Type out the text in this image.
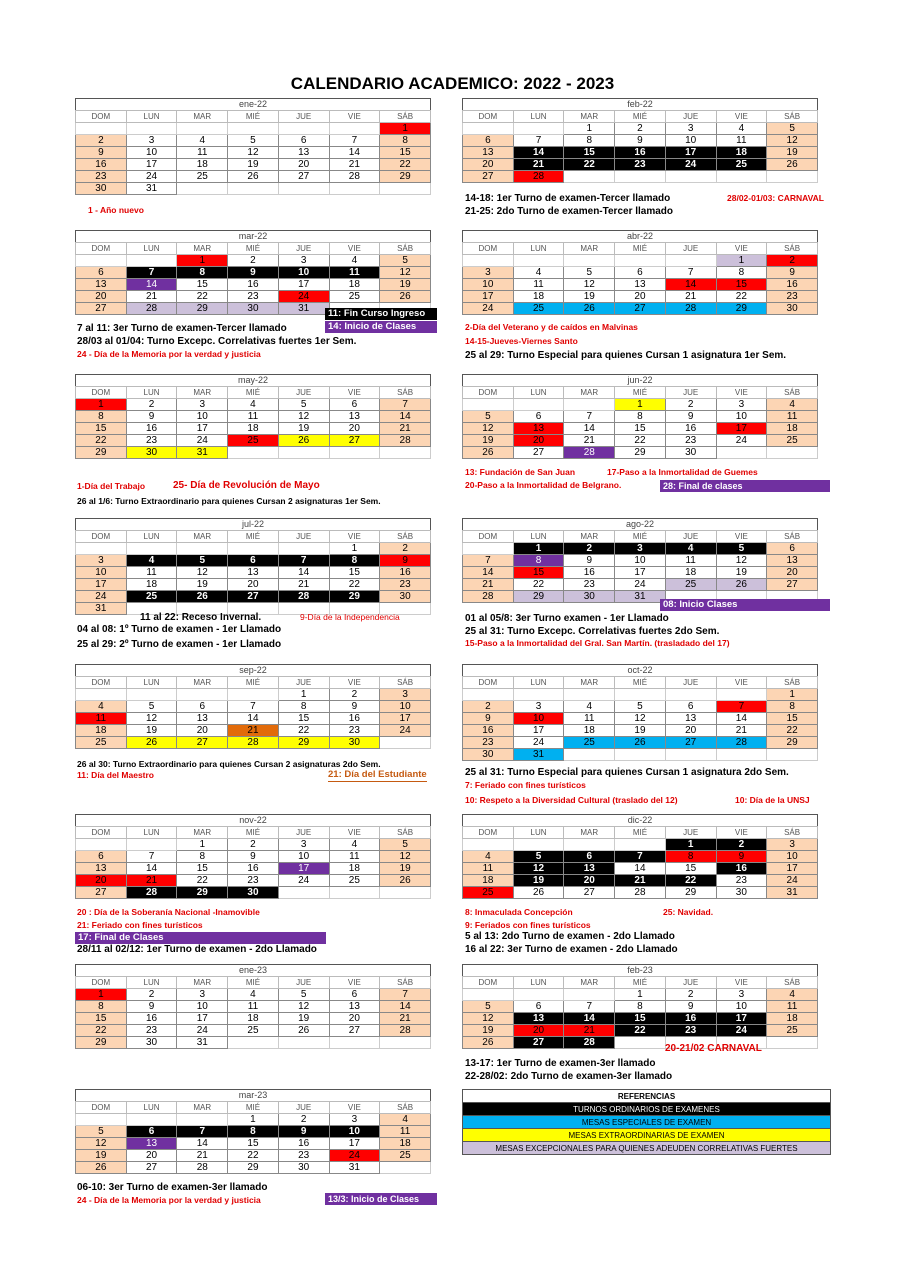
CALENDARIO ACADEMICO: 2022 - 2023
ene-22
DOM	LUN	MAR	MIÉ	JUE	VIE	SÁB
						1
2	3	4	5	6	7	8
9	10	11	12	13	14	15
16	17	18	19	20	21	22
23	24	25	26	27	28	29
30	31					
feb-22
DOM	LUN	MAR	MIÉ	JUE	VIE	SÁB
		1	2	3	4	5
6	7	8	9	10	11	12
13	14	15	16	17	18	19
20	21	22	23	24	25	26
27	28					
1 - Año nuevo
14-18: 1er Turno de examen-Tercer llamado	28/02-01/03: CARNAVAL
21-25: 2do Turno de examen-Tercer llamado
mar-22
DOM	LUN	MAR	MIÉ	JUE	VIE	SÁB
		1	2	3	4	5
6	7	8	9	10	11	12
13	14	15	16	17	18	19
20	21	22	23	24	25	26
27	28	29	30	31		
abr-22
DOM	LUN	MAR	MIÉ	JUE	VIE	SÁB
					1	2
3	4	5	6	7	8	9
10	11	12	13	14	15	16
17	18	19	20	21	22	23
24	25	26	27	28	29	30
11: Fin Curso Ingreso
14: Inicio de Clases
7 al 11: 3er Turno de examen-Tercer llamado
28/03 al 01/04: Turno Excepc. Correlativas fuertes 1er Sem.
24 - Día de la Memoria por la verdad y justicia
2-Día del Veterano y de caídos en Malvinas
14-15-Jueves-Viernes Santo
25 al 29: Turno Especial para quienes Cursan 1 asignatura 1er Sem.
may-22
DOM	LUN	MAR	MIÉ	JUE	VIE	SÁB
1	2	3	4	5	6	7
8	9	10	11	12	13	14
15	16	17	18	19	20	21
22	23	24	25	26	27	28
29	30	31				
jun-22
DOM	LUN	MAR	MIÉ	JUE	VIE	SÁB
			1	2	3	4
5	6	7	8	9	10	11
12	13	14	15	16	17	18
19	20	21	22	23	24	25
26	27	28	29	30		
1-Día del Trabajo	25- Día de Revolución de Mayo
26 al 1/6: Turno Extraordinario para quienes Cursan 2 asignaturas 1er Sem.
13: Fundación de San Juan	17-Paso a la Inmortalidad de Guemes
20-Paso a la Inmortalidad de Belgrano.	28: Final de clases
jul-22
DOM	LUN	MAR	MIÉ	JUE	VIE	SÁB
					1	2
3	4	5	6	7	8	9
10	11	12	13	14	15	16
17	18	19	20	21	22	23
24	25	26	27	28	29	30
31						
ago-22
DOM	LUN	MAR	MIÉ	JUE	VIE	SÁB
	1	2	3	4	5	6
7	8	9	10	11	12	13
14	15	16	17	18	19	20
21	22	23	24	25	26	27
28	29	30	31			
11 al 22: Receso Invernal.	9-Día de la Independencia
04 al 08: 1º Turno de examen - 1er Llamado
25 al 29: 2º Turno de examen - 1er Llamado
08: Inicio Clases
01 al 05/8: 3er Turno examen - 1er Llamado
25 al 31: Turno Excepc. Correlativas fuertes 2do Sem.
15-Paso a la Inmortalidad del Gral. San Martín. (trasladado del 17)
sep-22
DOM	LUN	MAR	MIÉ	JUE	VIE	SÁB
				1	2	3
4	5	6	7	8	9	10
11	12	13	14	15	16	17
18	19	20	21	22	23	24
25	26	27	28	29	30	
oct-22
DOM	LUN	MAR	MIÉ	JUE	VIE	SÁB
						1
2	3	4	5	6	7	8
9	10	11	12	13	14	15
16	17	18	19	20	21	22
23	24	25	26	27	28	29
30	31					
26 al 30: Turno Extraordinario para quienes Cursan 2 asignaturas 2do Sem.
11: Día del Maestro	21: Día del Estudiante	25 al 31: Turno Especial para quienes Cursan 1 asignatura 2do Sem.
7: Feriado con fines turísticos
10: Respeto a la Diversidad Cultural (traslado del 12)	10: Día de la UNSJ
nov-22
DOM	LUN	MAR	MIÉ	JUE	VIE	SÁB
		1	2	3	4	5
6	7	8	9	10	11	12
13	14	15	16	17	18	19
20	21	22	23	24	25	26
27	28	29	30			
dic-22
DOM	LUN	MAR	MIÉ	JUE	VIE	SÁB
				1	2	3
4	5	6	7	8	9	10
11	12	13	14	15	16	17
18	19	20	21	22	23	24
25	26	27	28	29	30	31
20 : Día de la Soberanía Nacional -Inamovible
21: Feriado con fines turísticos
17: Final de Clases
28/11 al 02/12: 1er Turno de examen - 2do Llamado
8: Inmaculada Concepción	25: Navidad.
9: Feriados con fines turísticos
5 al 13: 2do Turno de examen - 2do Llamado
16 al 22: 3er Turno de examen - 2do Llamado
ene-23
DOM	LUN	MAR	MIÉ	JUE	VIE	SÁB
1	2	3	4	5	6	7
8	9	10	11	12	13	14
15	16	17	18	19	20	21
22	23	24	25	26	27	28
29	30	31				
feb-23
DOM	LUN	MAR	MIÉ	JUE	VIE	SÁB
			1	2	3	4
5	6	7	8	9	10	11
12	13	14	15	16	17	18
19	20	21	22	23	24	25
26	27	28				
20-21/02 CARNAVAL
13-17: 1er Turno de examen-3er llamado
22-28/02: 2do Turno de examen-3er llamado
mar-23
DOM	LUN	MAR	MIÉ	JUE	VIE	SÁB
			1	2	3	4
5	6	7	8	9	10	11
12	13	14	15	16	17	18
19	20	21	22	23	24	25
26	27	28	29	30	31	
06-10: 3er Turno de examen-3er llamado
24 - Día de la Memoria por la verdad y justicia	13/3: Inicio de Clases
REFERENCIAS
TURNOS ORDINARIOS DE EXAMENES
MESAS ESPECIALES DE EXAMEN
MESAS EXTRAORDINARIAS DE EXAMEN
MESAS EXCEPCIONALES PARA QUIENES ADEUDEN CORRELATIVAS FUERTES
